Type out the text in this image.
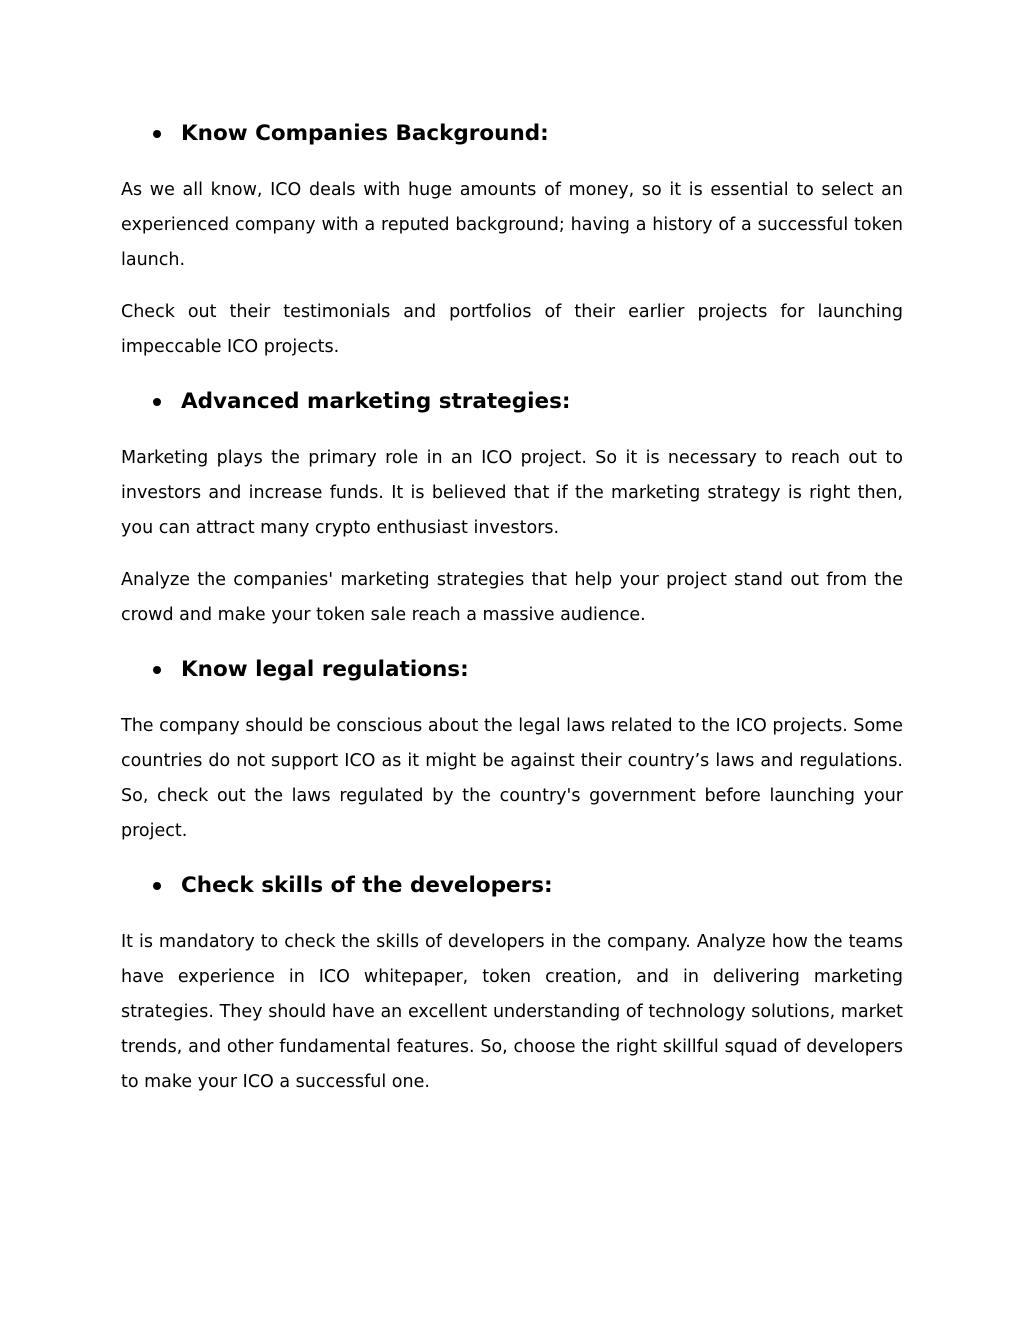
Know Companies Background:

As we all know, ICO deals with huge amounts of money, so it is essential to select an experienced company with a reputed background; having a history of a successful token launch.

Check out their testimonials and portfolios of their earlier projects for launching impeccable ICO projects.

Advanced marketing strategies:

Marketing plays the primary role in an ICO project. So it is necessary to reach out to investors and increase funds. It is believed that if the marketing strategy is right then, you can attract many crypto enthusiast investors.

Analyze the companies' marketing strategies that help your project stand out from the crowd and make your token sale reach a massive audience.

Know legal regulations:

The company should be conscious about the legal laws related to the ICO projects. Some countries do not support ICO as it might be against their country’s laws and regulations. So, check out the laws regulated by the country's government before launching your project.

Check skills of the developers:

It is mandatory to check the skills of developers in the company. Analyze how the teams have experience in ICO whitepaper, token creation, and in delivering marketing strategies. They should have an excellent understanding of technology solutions, market trends, and other fundamental features. So, choose the right skillful squad of developers to make your ICO a successful one.
